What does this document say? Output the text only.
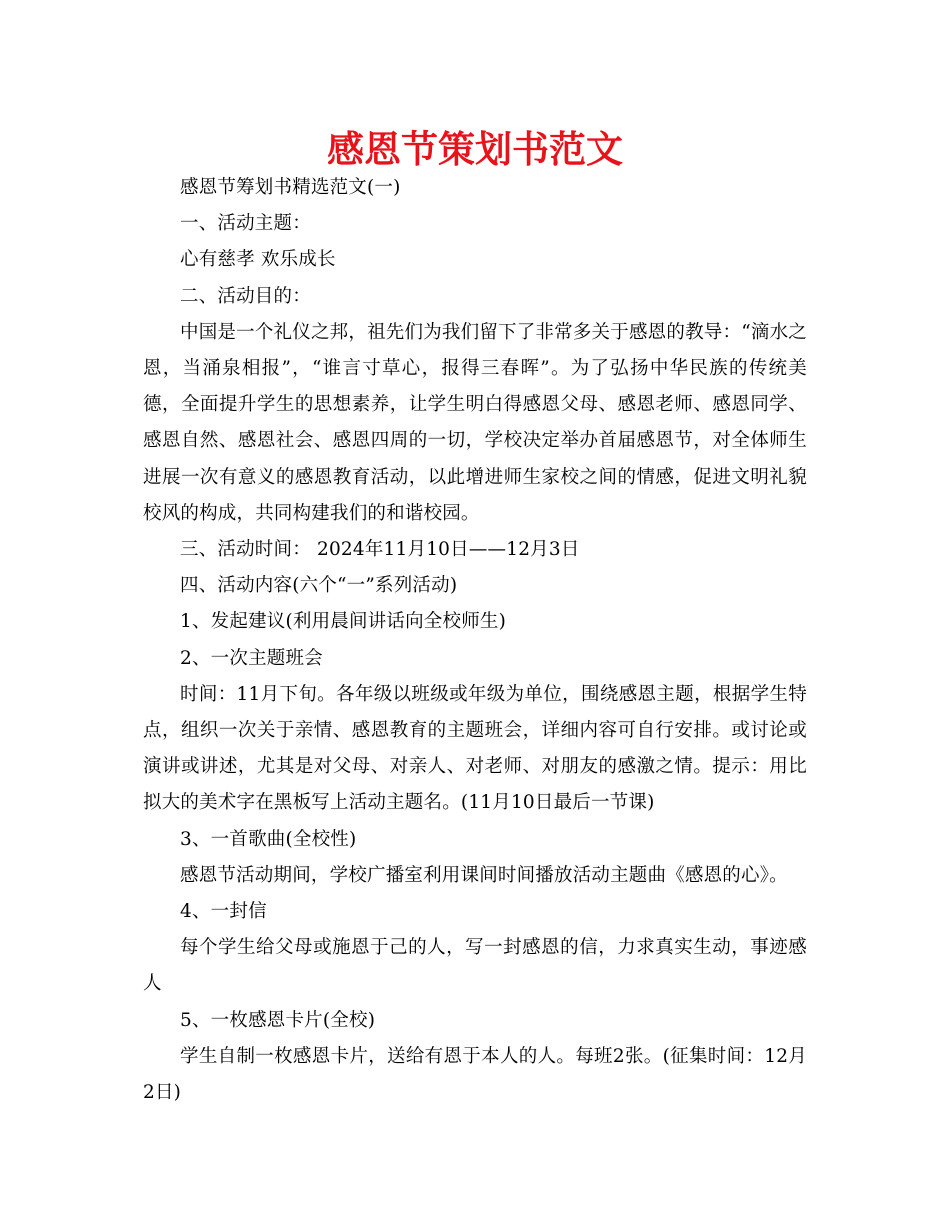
感恩节策划书范文

感恩节筹划书精选范文(一)

一、活动主题：

心有慈孝 欢乐成长

二、活动目的：

中国是一个礼仪之邦，祖先们为我们留下了非常多关于感恩的教导：“滴水之恩，当涌泉相报”，“谁言寸草心，报得三春晖”。为了弘扬中华民族的传统美德，全面提升学生的思想素养，让学生明白得感恩父母、感恩老师、感恩同学、感恩自然、感恩社会、感恩四周的一切，学校决定举办首届感恩节，对全体师生进展一次有意义的感恩教育活动，以此增进师生家校之间的情感，促进文明礼貌校风的构成，共同构建我们的和谐校园。

三、活动时间： 2024年11月10日——12月3日

四、活动内容(六个“一”系列活动)

1、发起建议(利用晨间讲话向全校师生)

2、一次主题班会

时间：11月下旬。各年级以班级或年级为单位，围绕感恩主题，根据学生特点，组织一次关于亲情、感恩教育的主题班会，详细内容可自行安排。或讨论或演讲或讲述，尤其是对父母、对亲人、对老师、对朋友的感激之情。提示：用比拟大的美术字在黑板写上活动主题名。(11月10日最后一节课)

3、一首歌曲(全校性)

感恩节活动期间，学校广播室利用课间时间播放活动主题曲《感恩的心》。

4、一封信

每个学生给父母或施恩于己的人，写一封感恩的信，力求真实生动，事迹感人

5、一枚感恩卡片(全校)

学生自制一枚感恩卡片，送给有恩于本人的人。每班2张。(征集时间：12月2日)
